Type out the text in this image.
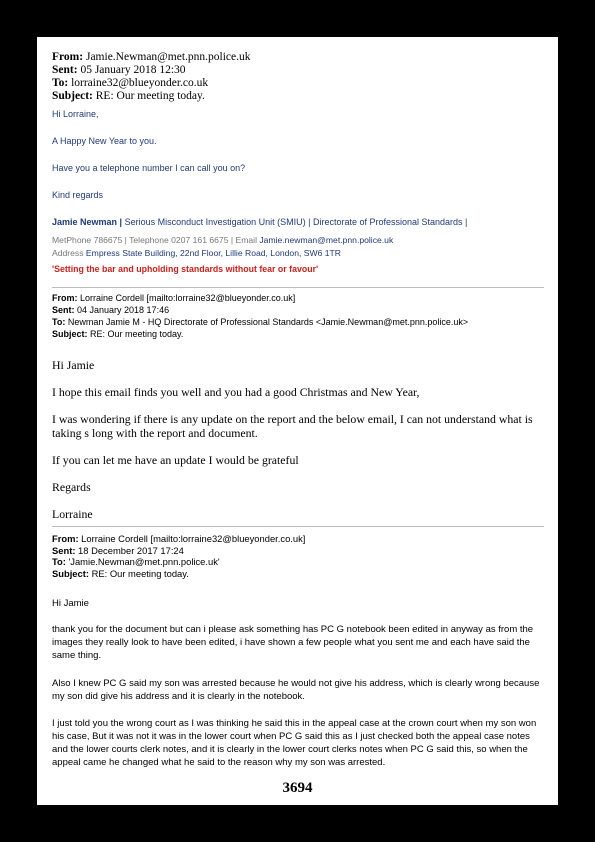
From: Jamie.Newman@met.pnn.police.uk
Sent: 05 January 2018 12:30
To: lorraine32@blueyonder.co.uk
Subject: RE: Our meeting today.
Hi Lorraine,
A Happy New Year to you.
Have you a telephone number I can call you on?
Kind regards
Jamie Newman | Serious Misconduct Investigation Unit (SMIU) | Directorate of Professional Standards |
MetPhone 786675 | Telephone 0207 161 6675 | Email Jamie.newman@met.pnn.police.uk
Address Empress State Building, 22nd Floor, Lillie Road, London, SW6 1TR
'Setting the bar and upholding standards without fear or favour'
From: Lorraine Cordell [mailto:lorraine32@blueyonder.co.uk]
Sent: 04 January 2018 17:46
To: Newman Jamie M - HQ Directorate of Professional Standards <Jamie.Newman@met.pnn.police.uk>
Subject: RE: Our meeting today.
Hi Jamie
I hope this email finds you well and you had a good Christmas and New Year,
I was wondering if there is any update on the report and the below email, I can not understand what is taking s long with the report and document.
If you can let me have an update I would be grateful
Regards
Lorraine
From: Lorraine Cordell [mailto:lorraine32@blueyonder.co.uk]
Sent: 18 December 2017 17:24
To: 'Jamie.Newman@met.pnn.police.uk'
Subject: RE: Our meeting today.
Hi Jamie
thank you for the document but can i please ask something has PC G notebook been edited in anyway as from the images they really look to have been edited, i have shown a few people what you sent me and each have said the same thing.
Also I knew PC G said my son was arrested because he would not give his address, which is clearly wrong because my son did give his address and it is clearly in the notebook.
I just told you the wrong court as I was thinking he said this in the appeal case at the crown court when my son won his case, But it was not it was in the lower court when PC G said this as I just checked both the appeal case notes and the lower courts clerk notes, and it is clearly in the lower court clerks notes when PC G said this, so when the appeal came he changed what he said to the reason why my son was arrested.
3694
